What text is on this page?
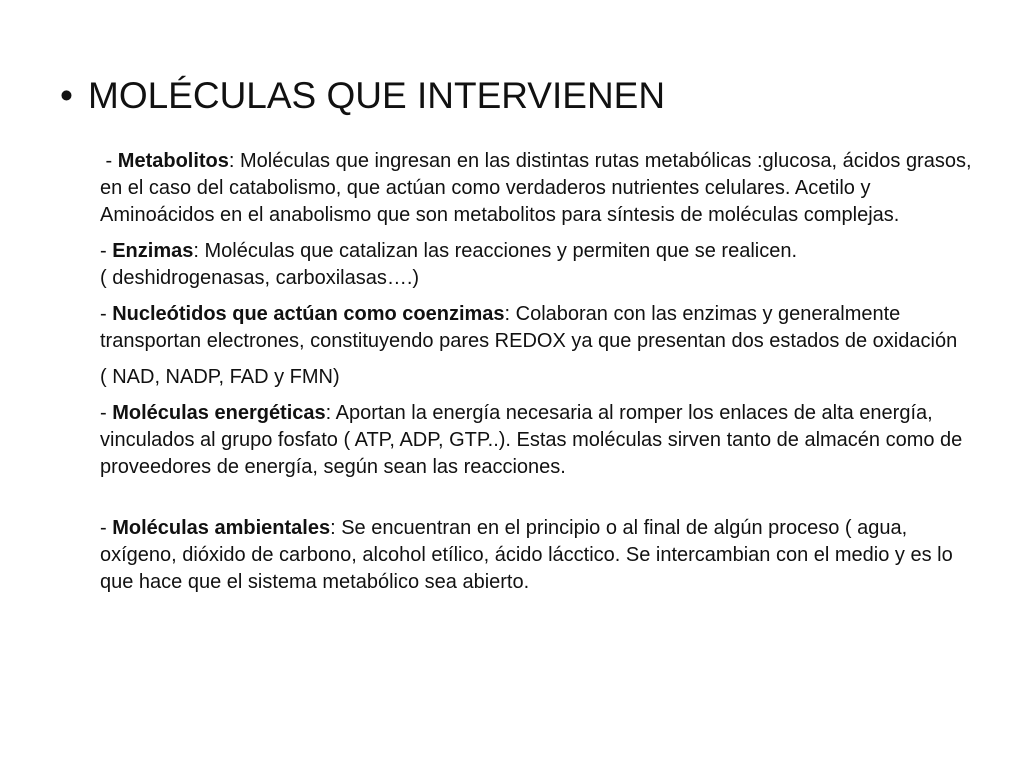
• MOLÉCULAS QUE INTERVIENEN

- Metabolitos: Moléculas que ingresan en las distintas rutas metabólicas :glucosa, ácidos grasos, en el caso del catabolismo, que actúan como verdaderos nutrientes celulares. Acetilo y Aminoácidos en el anabolismo que son metabolitos para síntesis de moléculas complejas.

- Enzimas: Moléculas que catalizan las reacciones y permiten que se realicen.
( deshidrogenasas, carboxilasas….)

- Nucleótidos que actúan como coenzimas: Colaboran con las enzimas y generalmente transportan electrones, constituyendo pares REDOX ya que presentan dos estados de oxidación

( NAD, NADP, FAD y FMN)

- Moléculas energéticas: Aportan la energía necesaria al romper los enlaces de alta energía, vinculados al grupo fosfato ( ATP, ADP, GTP..). Estas moléculas sirven tanto de almacén como de proveedores de energía, según sean las reacciones.

- Moléculas ambientales: Se encuentran en el principio o al final de algún proceso ( agua, oxígeno, dióxido de carbono, alcohol etílico, ácido lácctico. Se intercambian con el medio y es lo que hace que el sistema metabólico sea abierto.
